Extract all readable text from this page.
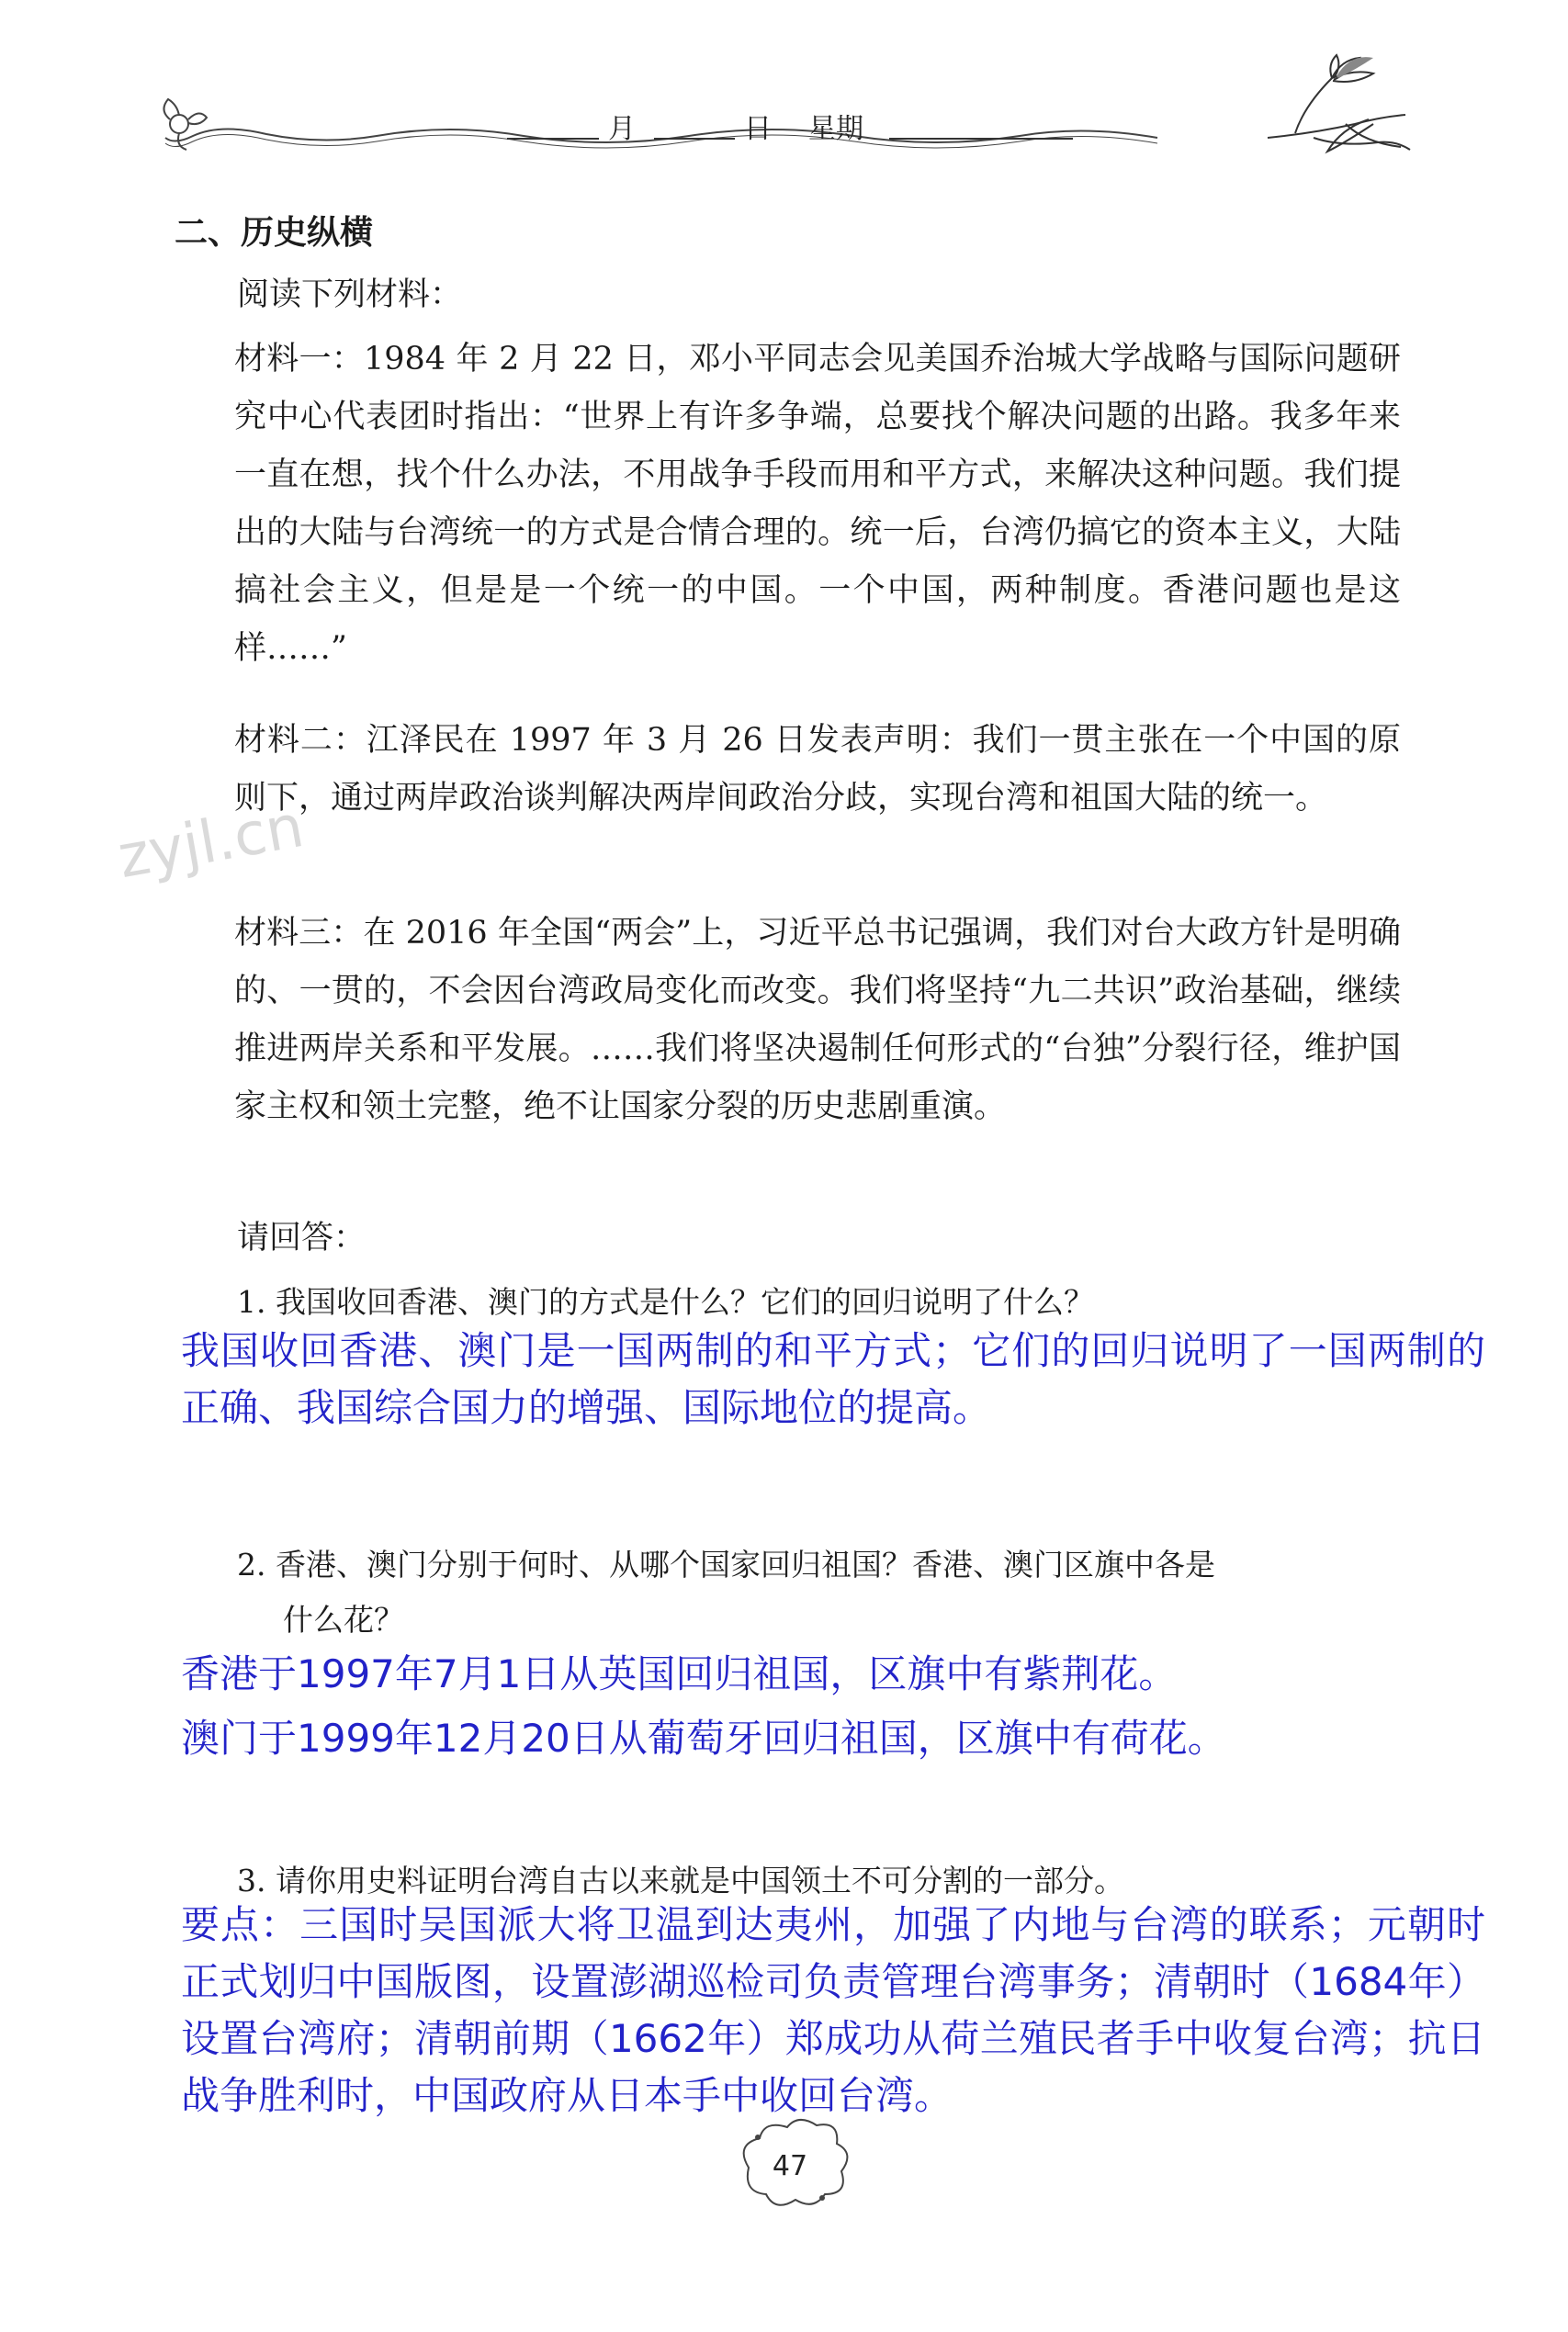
月	日 星期
二、历史纵横
阅读下列材料：
材料一：1984 年 2 月 22 日，邓小平同志会见美国乔治城大学战略与国际问题研究中心代表团时指出：“世界上有许多争端，总要找个解决问题的出路。我多年来一直在想，找个什么办法，不用战争手段而用和平方式，来解决这种问题。我们提出的大陆与台湾统一的方式是合情合理的。统一后，台湾仍搞它的资本主义，大陆搞社会主义，但是是一个统一的中国。一个中国，两种制度。香港问题也是这样……”
材料二：江泽民在 1997 年 3 月 26 日发表声明：我们一贯主张在一个中国的原则下，通过两岸政治谈判解决两岸间政治分歧，实现台湾和祖国大陆的统一。
材料三：在 2016 年全国“两会”上，习近平总书记强调，我们对台大政方针是明确的、一贯的，不会因台湾政局变化而改变。我们将坚持“九二共识”政治基础，继续推进两岸关系和平发展。……我们将坚决遏制任何形式的“台独”分裂行径，维护国家主权和领土完整，绝不让国家分裂的历史悲剧重演。
zyjl.cn
请回答：
1. 我国收回香港、澳门的方式是什么？它们的回归说明了什么？
我国收回香港、澳门是一国两制的和平方式；它们的回归说明了一国两制的正确、我国综合国力的增强、国际地位的提高。
2. 香港、澳门分别于何时、从哪个国家回归祖国？香港、澳门区旗中各是
什么花？
香港于1997年7月1日从英国回归祖国，区旗中有紫荆花。
澳门于1999年12月20日从葡萄牙回归祖国，区旗中有荷花。
3. 请你用史料证明台湾自古以来就是中国领土不可分割的一部分。
要点：三国时吴国派大将卫温到达夷州，加强了内地与台湾的联系；元朝时正式划归中国版图，设置澎湖巡检司负责管理台湾事务；清朝时（1684年）设置台湾府；清朝前期（1662年）郑成功从荷兰殖民者手中收复台湾；抗日战争胜利时，中国政府从日本手中收回台湾。
47
